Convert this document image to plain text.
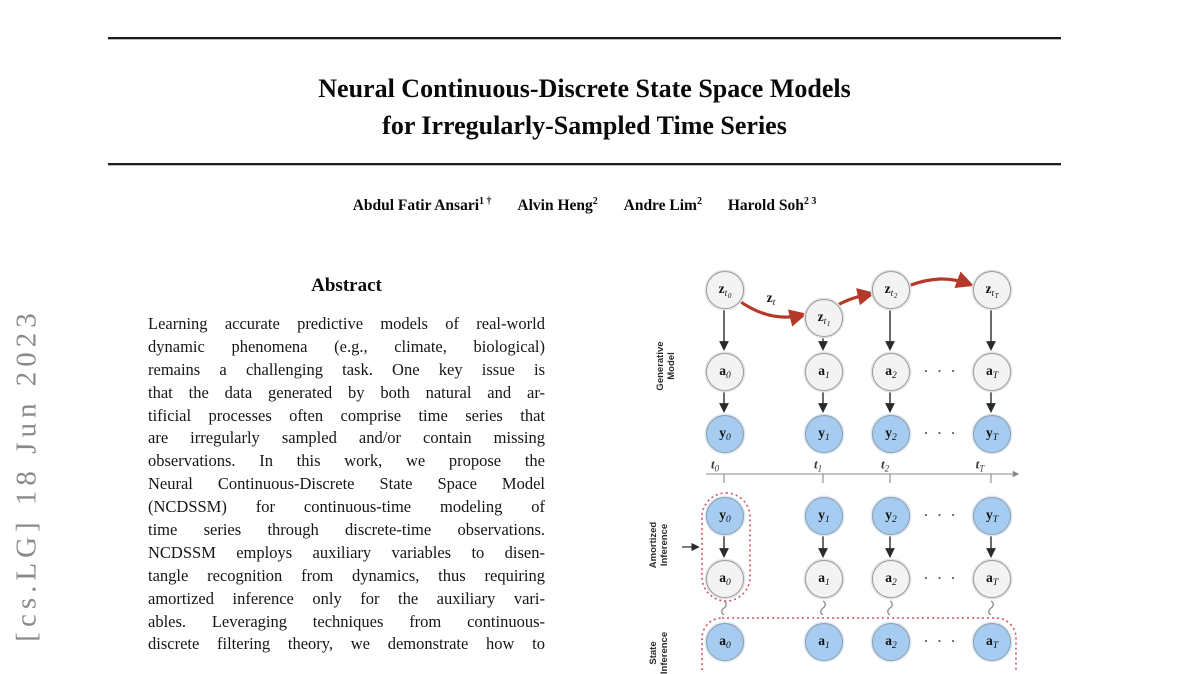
[cs.LG] 18 Jun 2023
Neural Continuous-Discrete State Space Models
for Irregularly-Sampled Time Series
Abdul Fatir Ansari$^{1 \dagger}$ Alvin Heng$^2$ Andre Lim$^2$ Harold Soh$^{2 3}$
Abstract
Learning accurate predictive models of real-world
dynamic phenomena (e.g., climate, biological)
remains a challenging task. One key issue is
that the data generated by both natural and ar-
tificial processes often comprise time series that
are irregularly sampled and/or contain missing
observations. In this work, we propose the
Neural Continuous-Discrete State Space Model
(NCDSSM) for continuous-time modeling of
time series through discrete-time observations.
NCDSSM employs auxiliary variables to disen-
tangle recognition from dynamics, thus requiring
amortized inference only for the auxiliary vari-
ables. Leveraging techniques from continuous-
discrete filtering theory, we demonstrate how to
Generative Model
Amortized Inference
State Inference
$z_t$
$z_{t0}$
$z_{t1}$
$z_{t2}$	$z_{tT}$
$a_0$	$a_1$	$a_2$	$a_T$
· · ·
$y_0$	$y_1$	$y_2$	$y_T$
· · ·
$t_0$	$t_1$	$t_2$	$t_T$
$y_0$	$y_1$	$y_2$	$y_T$
· · ·
$a_0$	$a_1$	$a_2$	$a_T$
· · ·
$a_0$	$a_1$	$a_2$	$a_T$
· · ·
